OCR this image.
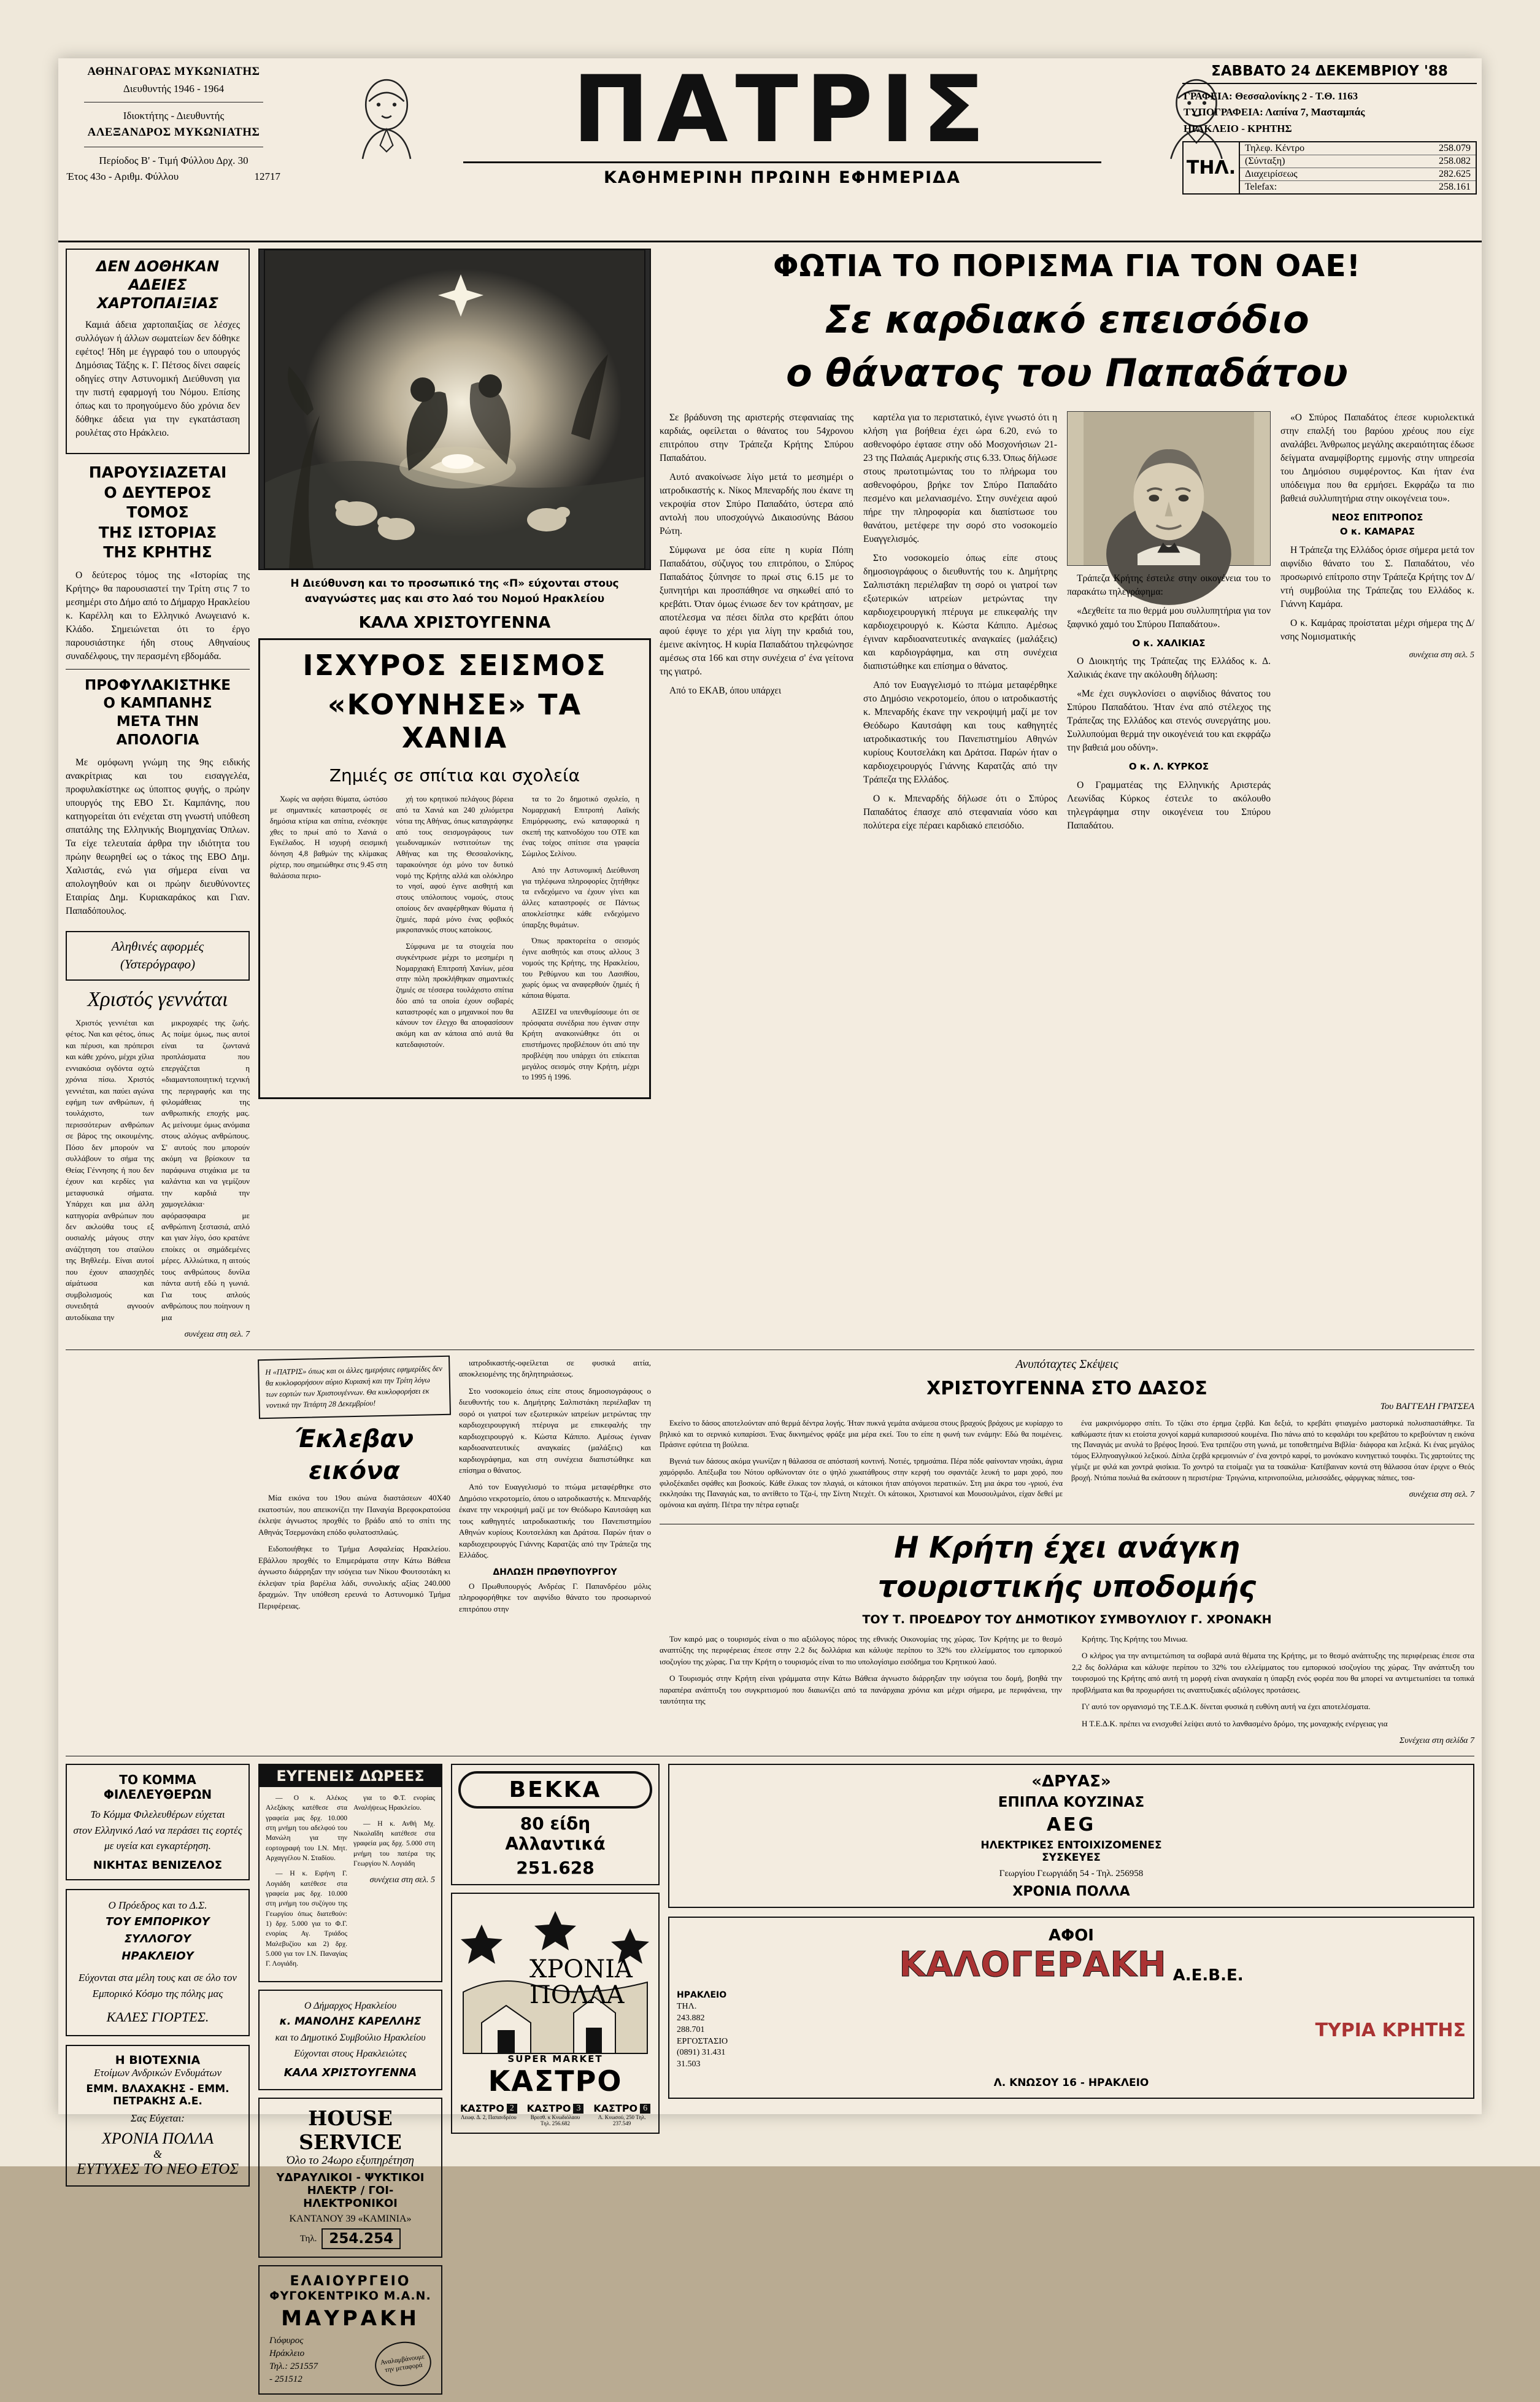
ΑΘΗΝΑΓΟΡΑΣ ΜΥΚΩΝΙΑΤΗΣ
Διευθυντής 1946 - 1964
Ιδιοκτήτης - Διευθυντής
ΑΛΕΞΑΝΔΡΟΣ ΜΥΚΩΝΙΑΤΗΣ
Περίοδος Β' - Τιμή Φύλλου Δρχ. 30
Έτος 43ο - Αριθμ. Φύλλου	12717
ΠΑΤΡΙΣ
ΚΑΘΗΜΕΡΙΝΗ ΠΡΩΙΝΗ ΕΦΗΜΕΡΙΔΑ
ΣΑΒΒΑΤΟ 24 ΔΕΚΕΜΒΡΙΟΥ '88
ΓΡΑΦΕΙΑ: Θεσσαλονίκης 2 - Τ.Θ. 1163
ΤΥΠΟΓΡΑΦΕΙΑ: Λαπίνα 7, Μασταμπάς
ΗΡΑΚΛΕΙΟ - ΚΡΗΤΗΣ
ΤΗΛ.
Τηλεφ. Κέντρο	258.079
(Σύνταξη)	258.082
Διαχειρίσεως	282.625
Telefax:	258.161
ΔΕΝ ΔΟΘΗΚΑΝ
ΑΔΕΙΕΣ
ΧΑΡΤΟΠΑΙΞΙΑΣ

Καμιά άδεια χαρτοπαιξίας σε λέσχες συλλόγων ή άλλων σωματείων δεν δόθηκε εφέτος! Ήδη με έγγραφό του ο υπουργός Δημόσιας Τάξης κ. Γ. Πέτσος δίνει σαφείς οδηγίες στην Αστυνομική Διεύθυνση για την πιστή εφαρμογή του Νόμου. Επίσης όπως και το προηγούμενο δύο χρόνια δεν δόθηκε άδεια για την εγκατάσταση ρουλέτας στο Ηράκλειο.

ΠΑΡΟΥΣΙΑΖΕΤΑΙ
Ο ΔΕΥΤΕΡΟΣ
ΤΟΜΟΣ
ΤΗΣ ΙΣΤΟΡΙΑΣ
ΤΗΣ ΚΡΗΤΗΣ

Ο δεύτερος τόμος της «Ιστορίας της Κρήτης» θα παρουσιαστεί την Τρίτη στις 7 το μεσημέρι στο Δήμο από το Δήμαρχο Ηρακλείου κ. Καρέλλη και το Ελληνικό Ανωγειανό κ. Κλάδο. Σημειώνεται ότι το έργο παρουσιάστηκε ήδη στους Αθηναίους συναδέλφους, την περασμένη εβδομάδα.

ΠΡΟΦΥΛΑΚΙΣΤΗΚΕ
Ο ΚΑΜΠΑΝΗΣ
ΜΕΤΑ ΤΗΝ
ΑΠΟΛΟΓΙΑ

Με ομόφωνη γνώμη της 9ης ειδικής ανακρίτριας και του εισαγγελέα, προφυλακίστηκε ως ύποπτος φυγής, ο πρώην υπουργός της ΕΒΟ Στ. Καμπάνης, που κατηγορείται ότι ενέχεται στη γνωστή υπόθεση σπατάλης της Ελληνικής Βιομηχανίας Όπλων. Τα είχε τελευταία άρθρα την ιδιότητα του πρώην θεωρηθεί ως ο τάκος της ΕΒΟ Δημ. Χαλιστάς, ενώ για σήμερα είναι να απολογηθούν και οι πρώην διευθύνοντες Εταιρίας Δημ. Κυριακαράκος και Γιαν. Παπαδόπουλος.

Αληθινές αφορμές
(Υστερόγραφο)
Χριστός γεννάται

Χριστός γεννιέται και φέτος. Ναι και φέτος, όπως και πέρυσι, και πρόπερσι και κάθε χρόνο, μέχρι χίλια εννιακόσια ογδόντα οχτώ χρόνια πίσω. Χριστός γεννιέται, και παύει αγώνα εφήμη των ανθρώπων, ή τουλάχιστο, των περισσότερων ανθρώπων σε βάρος της οικουμένης. Πόσο δεν μπορούν να συλλάβουν το σήμα της Θείας Γέννησης ή που δεν έχουν και κερδίες για μεταφυσικά σήματα. Υπάρχει και μια άλλη κατηγορία ανθρώπων που δεν ακλούθα τους εξ ουσιαλής μάγους στην ανάζητηση του σταύλου της Βηθλεέμ. Είναι αυτοί που έχουν απασχηδές αίμάτωσα και συμβολισμούς και συνειδητά αγνοούν αυτοδίκαια την

μικροχαρές της ζωής. Ας ποίμε όμως, πως αυτοί είναι τα ζωντανά προπλάσματα που επεργάζεται η «διαμαντοποιητική τεχνική της περιγραφής και της φιλομάθειας της ανθρωπικής εποχής μας. Ας μείνουμε όμως ανόμαια στους αλόγως ανθρώπους. Σ' αυτούς που μπορούν ακόμη να βρίσκουν τα παράφωνα στιχάκια με τα καλάντια και να γεμίζουν την καρδιά την χαμογελάκια· αφόρασφαιρα με ανθρώπινη ξεστασιά, απλό και γιαν λίγο, όσο κρατάνε εποίκες οι σημάδεμένες μέρες. Αλλιώτικα, η αιτούς τους ανθρώπους δυνίλα πάντα αυτή εδώ η γωνιά. Για τους απλούς ανθρώπους που ποίηνουν η μια

συνέχεια στη σελ. 7
Η Διεύθυνση και το προσωπικό της «Π» εύχονται στους αναγνώστες μας και στο λαό του Νομού Ηρακλείου
ΚΑΛΑ ΧΡΙΣΤΟΥΓΕΝΝΑ
ΙΣΧΥΡΟΣ ΣΕΙΣΜΟΣ
«ΚΟΥΝΗΣΕ» ΤΑ ΧΑΝΙΑ
Ζημιές σε σπίτια και σχολεία

Χωρίς να αφήσει θύματα, ώστόσο με σημαντικές καταστροφές σε δημόσια κτίρια και σπίτια, ενέσκηψε χθες το πρωί από το Χανιά ο Εγκέλαδος. Η ισχυρή σεισμική δόνηση 4,8 βαθμών της κλίμακας ρίχτερ, που σημειώθηκε στις 9.45 στη θαλάσσια περιο-

χή του κρητικού πελάγους βόρεια από τα Χανιά και 240 χιλιόμετρα νότια της Αθήνας, όπως καταγράφηκε από τους σεισμογράφους των γεωδυναμικών ινστιτούτων της Αθήνας και της Θεσσαλονίκης, ταρακούνησε όχι μόνο τον δυτικό νομό της Κρήτης αλλά και ολόκληρο το νησί, αφού έγινε αισθητή και στους υπόλοιπους νομούς, στους οποίους δεν αναφέρθηκαν θύματα ή ζημιές, παρά μόνο ένας φοβικός μικροπανικός στους κατοίκους.

Σύμφωνα με τα στοιχεία που συγκέντρωσε μέχρι το μεσημέρι η Νομαρχιακή Επιτροπή Χανίων, μέσα στην πόλη προκλήθηκαν σημαντικές ζημιές σε τέσσερα τουλάχιστο σπίτια δύο από τα οποία έχουν σοβαρές καταστροφές και ο μηχανικοί που θα κάνουν τον έλεγχο θα αποφασίσουν ακόμη και αν κάποια από αυτά θα κατεδαφιστούν.

τα το 2ο δημοτικό σχολείο, η Νομαρχιακή Επιτροπή Λαϊκής Επιμόρφωσης, ενώ καταφορικά η σκεπή της καπνοδόχου του ΟΤΕ και ένας τοίχος σπίτισε στα γραφεία Σώμιλος Σελίνου.

Από την Αστυνομική Διεύθυνση για τηλέφωνα πληροφορίες ζητήθηκε τα ενδεχόμενο να έχουν γίνει και άλλες καταστροφές σε Πάντως αποκλείστηκε κάθε ενδεχόμενο ύπαρξης θυμάτων.

Όπως πρακτορείτα ο σεισμός έγινε αισθητός και στους αλλους 3 νομούς της Κρήτης, της Ηρακλείου, του Ρεθύμνου και του Λασιθίου, χωρίς όμως να αναφερθούν ζημιές ή κάποια θύματα.

ΑΞΙΖΕΙ να υπενθυμίσουμε ότι σε πρόσφατα συνέδρια που έγιναν στην Κρήτη ανακοινώθηκε ότι οι επιστήμονες προβλέπουν ότι από την προβλέψη που υπάρχει ότι επίκειται μεγάλος σεισμός στην Κρήτη, μέχρι το 1995 ή 1996.

ΦΩΤΙΑ ΤΟ ΠΟΡΙΣΜΑ ΓΙΑ ΤΟΝ ΟΑΕ!
Σε καρδιακό επεισόδιο
ο θάνατος του Παπαδάτου

Σε βράδυνση της αριστερής στεφανιαίας της καρδιάς, οφείλεται ο θάνατος του 54χρονου επιτρόπου στην Τράπεζα Κρήτης Σπύρου Παπαδάτου.

Αυτό ανακοίνωσε λίγο μετά το μεσημέρι ο ιατροδικαστής κ. Νίκος Μπεναρδής που έκανε τη νεκροψία στον Σπύρο Παπαδάτο, ύστερα από αντολή που υποσχούγνώ Δικαιοσύνης Βάσου Ρώτη.

Σύμφωνα με όσα είπε η κυρία Πόπη Παπαδάτου, σύζυγος του επιτρόπου, ο Σπύρος Παπαδάτος ξύπνησε το πρωί στις 6.15 με το ξυπνητήρι και προσπάθησε να σηκωθεί από το κρεβάτι. Όταν όμως ένιωσε δεν τον κράτησαν, με αποτέλεσμα να πέσει δίπλα στο κρεβάτι όπου αφού έφυγε το χέρι για λίγη την κραδιά του, έμεινε ακίνητος. Η κυρία Παπαδάτου τηλεφώνησε αμέσως στα 166 και στην συνέχεια σ' ένα γείτονα της γιατρό.

Από το ΕΚΑΒ, όπου υπάρχει

καρτέλα για το περιστατικό, έγινε γνωστό ότι η κλήση για βοήθεια έχει ώρα 6.20, ενώ το ασθενοφόρο έφτασε στην οδό Μοσχονήσιων 21-23 της Παλαιάς Αμερικής στις 6.33. Όπως δήλωσε στους πρωτοτιμώντας του το πλήρωμα του ασθενοφόρου, βρήκε τον Σπύρο Παπαδάτο πεσμένο και μελανιασμένο. Στην συνέχεια αφού πήρε την πληροφορία και διαπίστωσε του θανάτου, μετέφερε την σορό στο νοσοκομείο Ευαγγελισμός.

Στο νοσοκομείο όπως είπε στους δημοσιογράφους ο διευθυντής του κ. Δημήτρης Σαλπιστάκη περιέλαβαν τη σορό οι γιατροί των εξωτερικών ιατρείων μετρώντας την καρδιοχειρουργική πτέρυγα με επικεφαλής την καρδιοχειρουργό κ. Κώστα Κάπιπο. Αμέσως έγιναν καρδιοανατευτικές αναγκαίες (μαλάξεις) και καρδιογράφημα, και στη συνέχεια διαπιστώθηκε και επίσημα ο θάνατος.

Από τον Ευαγγελισμό το πτώμα μεταφέρθηκε στο Δημόσιο νεκροτομείο, όπου ο ιατροδικαστής κ. Μπεναρδής έκανε την νεκροψιμή μαζί με τον Θεόδωρο Καυτσάφη και τους καθηγητές ιατροδικαστικής του Πανεπιστημίου Αθηνών κυρίους Κουτσελάκη και Δράτσα. Παρών ήταν ο καρδιοχειρουργός Γιάννης Καρατζάς από την Τράπεζα της Ελλάδος.

Ο κ. Μπεναρδής δήλωσε ότι ο Σπύρος Παπαδάτος έπασχε από στεφανιαία νόσο και πολύτερα είχε πέραει καρδιακό επεισόδιο.

Τράπεζα Κρήτης έστειλε στην οικογένεια του το παρακάτω τηλεγράφημα:

«Δεχθείτε τα πιο θερμά μου συλλυπητήρια για τον ξαφνικό χαμό του Σπύρου Παπαδάτου».

Ο κ. ΧΑΛΙΚΙΑΣ

Ο Διοικητής της Τράπεζας της Ελλάδος κ. Δ. Χαλικιάς έκανε την ακόλουθη δήλωση:

«Με έχει συγκλονίσει ο αιφνίδιος θάνατος του Σπύρου Παπαδάτου. Ήταν ένα από στέλεχος της Τράπεζας της Ελλάδος και στενός συνεργάτης μου. Συλλυπούμαι θερμά την οικογένειά του και εκφράζω την βαθειά μου οδύνη».

Ο κ. Λ. ΚΥΡΚΟΣ

Ο Γραμματέας της Ελληνικής Αριστεράς Λεωνίδας Κύρκος έστειλε το ακόλουθο τηλεγράφημα στην οικογένεια του Σπύρου Παπαδάτου.

«Ο Σπύρος Παπαδάτος έπεσε κυριολεκτικά στην επαλξή του βαρύου χρέους που είχε αναλάβει. Άνθρωπος μεγάλης ακεραιότητας έδωσε δείγματα αναμφίβορτης εμμονής στην υπηρεσία του Δημόσιου συμφέροντος. Και ήταν ένα υπόδειγμα που θα ερμήσει. Εκφράζω τα πιο βαθειά συλλυπητήρια στην οικογένεια του».

ΝΕΟΣ ΕΠΙΤΡΟΠΟΣ
Ο κ. ΚΑΜΑΡΑΣ

Η Τράπεζα της Ελλάδος όρισε σήμερα μετά τον αιφνίδιο θάνατο του Σ. Παπαδάτου, νέο προσωρινό επίτροπο στην Τράπεζα Κρήτης τον Δ/ντή συμβούλια της Τράπεζας του Ελλάδος κ. Γιάννη Καμάρα.

Ο κ. Καμάρας προίσταται μέχρι σήμερα της Δ/νσης Νομισματικής

συνέχεια στη σελ. 5
Η «ΠΑΤΡΙΣ» όπως και οι άλλες ημερήσιες εφημερίδες δεν θα κυκλοφορήσουν αύριο Κυριακή και την Τρίτη λόγω των εορτών των Χριστουγέννων. Θα κυκλοφορήσει εκ νοντικά την Τετάρτη 28 Δεκεμβρίου!
Έκλεβαν
εικόνα

Μία εικόνα του 19ου αιώνα διαστάσεων 40Χ40 εκατοστών, που απεικονίζει την Παναγία Βρεφοκρατούσα έκλεψε άγνωστος προχθές το βράδυ από το σπίτι της Αθηνάς Τσερμονάκη επόδο φυλατοσπλαώς.

Ειδοποιήθηκε το Τμήμα Ασφαλείας Ηρακλείου. Εβάλλου προχθές το Επιμεράματα στην Κάτω Βάθεια άγνωστο διάρρηξαν την ισόγεια των Νίκου Φουτσοτάκη κι έκλεψαν τρία βαρέλια λάδι, συνολικής αξίας 240.000 δραχμών. Την υπόθεση ερευνά το Αστυνομικό Τμήμα Περιφέρειας.

ιατροδικαστής-οφείλεται σε φυσικά αιτία, αποκλειομένης της δηλητηριάσεως.

Στο νοσοκομείο όπως είπε στους δημοσιογράφους ο διευθυντής του κ. Δημήτρης Σαλπιστάκη περιέλαβαν τη σορό οι γιατροί των εξωτερικών ιατρείων μετρώντας την καρδιοχειρουργική πτέρυγα με επικεφαλής την καρδιοχειρουργό κ. Κώστα Κάπιπο. Αμέσως έγιναν καρδιοανατευτικές αναγκαίες (μαλάξεις) και καρδιογράφημα, και στη συνέχεια διαπιστώθηκε και επίσημα ο θάνατος.

Από τον Ευαγγελισμό το πτώμα μεταφέρθηκε στο Δημόσιο νεκροτομείο, όπου ο ιατροδικαστής κ. Μπεναρδής έκανε την νεκροψιμή μαζί με τον Θεόδωρο Καυτσάφη και τους καθηγητές ιατροδικαστικής του Πανεπιστημίου Αθηνών κυρίους Κουτσελάκη και Δράτσα. Παρών ήταν ο καρδιοχειρουργός Γιάννης Καρατζάς από την Τράπεζα της Ελλάδος.

ΔΗΛΩΣΗ ΠΡΩΘΥΠΟΥΡΓΟΥ

Ο Πρωθυπουργός Ανδρέας Γ. Παπανδρέου μόλις πληροφορήθηκε τον αιφνίδιο θάνατο του προσωρινού επιτρόπου στην

Ανυπόταχτες Σκέψεις
ΧΡΙΣΤΟΥΓΕΝΝΑ ΣΤΟ ΔΑΣΟΣ
Του ΒΑΓΓΕΛΗ ΓΡΑΤΣΕΑ

Εκείνο το δάσος αποτελούνταν από θερμά δέντρα λογής. Ήταν πυκνά γεμάτα ανάμεσα στους βραχούς βράχους με κυρίαρχο το βηλικό και το σερνικό κυπαρίσσι. Ένας δικνημένος φράξε μια μέρα εκεί. Του το είπε η φωνή των ενάμην: Εδώ θα ποιμένεις. Πράσινε εφύτεια τη βούλεια.

Βγενιά των δάσους ακόμα γνωνίζαν η θάλασσα σε απόστασή κοντινή. Νοτιές, τρημσάπια. Πέρα πόδε φαίνονταν νησάκι, άγρια χαμόρφιδο. Απέξωβα του Νότου ορθώνονταν ότε ο ψηλό χιωατάθρους στην κερφή του σφαντάζε λευκή το μαρι χορό, που φιλοξέκαιδει σφάθες και βοσκούς. Κάθε έλικας τον πλαγιά, οι κάτοικοι ήταν απόγονοι περατικών. Στη μια άκρα του -γριού, ένα εκκλησάκι της Παναγιάς και, το αντίθετο το Τζα-ί, την Σίντη Ντεχέτ. Οι κάτοικοι, Χριστιανοί και Μουσουλμάνοι, είχαν δεθεί με ομόνοια και αγάπη. Πέτρα την πέτρα εφτιαξε

ένα μακρινόμορφο σπίτι. Το τζάκι στο έρημα ζερβά. Και δεξιά, το κρεβάτι φτιαγμένο μαστορικά πολυσπαστάθηκε. Τα καθώμαστε ήταν κι ετοίστα χονγοί καρμά κυπαρισσού κουμένα. Πιο πάνω από το κεφαλάρι του κρεβάτου το κρεβούνταν η εικόνα της Παναγιάς με ανυλά το βρέφος Ιησού. Ένα τριπέζου στη γωνιά, με τοποθετημένα Βιβλία· διάφορα και λεξικά. Κι ένας μεγάλος τόμος Ελληνοαγγλικού λεξικού. Δίπλα ζερβά κρεμοινιών σ' ένα χοντρό καρφί, το μονόκανο κυνηγετικό τουφέκι. Τις χαρτούτες της γέμιζε με φιλά και χοντρά φισίκια. Το χοντρό τα ετοίμαζε για τα τσακάλια· Κατέβαιναν κοντά στη θάλασσα όταν έριχνε ο Θεός βροχή. Ντόπια πουλιά θα εκάτσουν η περιστέρια· Τριγώνια, κιτρινοπούλια, μελισσάδες, φάρμγκας πάπιες, τσα-

συνέχεια στη σελ. 7
Η Κρήτη έχει ανάγκη
τουριστικής υποδομής
ΤΟΥ Τ. ΠΡΟΕΔΡΟΥ ΤΟΥ ΔΗΜΟΤΙΚΟΥ ΣΥΜΒΟΥΛΙΟΥ Γ. ΧΡΟΝΑΚΗ

Τον καιρό μας ο τουρισμός είναι ο πιο αξιόλογος πόρος της εθνικής Οικονομίας της χώρας. Τον Κρήτης με το θεσμό αναπτύξης της περιφέρειας έπεσε στην 2.2 δις δολλάρια και κάλυψε περίπου το 32% του ελλείμματος του εμπορικού ισοζυγίου της χώρας. Για την Κρήτη ο τουρισμός είναι το πιο υπολογίσιμο εισόδημα του Κρητικού λαού.

Ο Τουρισμός στην Κρήτη είναι γράμματα στην Κάτω Βάθεια άγνωστο διάρρηξαν την ισόγεια του δομή, βοηθά την παραπέρα ανάπτυξη του συγκριτισμού που διαιωνίζει από τα πανάρχαια χρόνια και μέχρι σήμερα, με περιφάνεια, την ταυτότητα της

Κρήτης. Της Κρήτης του Μινωα.

Ο κλήρος για την αντιμετώπιση τα σοβαρά αυτά θέματα της Κρήτης, με το θεσμό ανάπτυξης της περιφέρειας έπεσε στα 2,2 δις δολλάρια και κάλυψε περίπου το 32% του ελλείμματος του εμπορικού ισοζυγίου της χώρας. Την ανάπτυξη του τουρισμού της Κρήτης από αυτή τη μορφή είναι αναγκαία η ύπαρξη ενός φορέα που θα μπορεί να αντιμετωπίσει τα τοπικά προβλήματα και θα προχωρήσει τις αναπτυξιακές αξιόλογες προτάσεις.

Γι' αυτό τον οργανισμό της Τ.Ε.Δ.Κ. δίνεται φυσικά η ευθύνη αυτή να έχει αποτελέσματα.

Η Τ.Ε.Δ.Κ. πρέπει να ενισχυθεί λείψει αυτό το λανθασμένο δρόμο, της μοναχικής ενέργειας για

Συνέχεια στη σελίδα 7
ΤΟ ΚΟΜΜΑ ΦΙΛΕΛΕΥΘΕΡΩΝ
Το Κόμμα Φιλελευθέρων εύχεται
στον Ελληνικό Λαό να περάσει τις εορτές
με υγεία και εγκαρτέρηση.
ΝΙΚΗΤΑΣ ΒΕΝΙΖΕΛΟΣ
Ο Πρόεδρος και το Δ.Σ.
ΤΟΥ ΕΜΠΟΡΙΚΟΥ ΣΥΛΛΟΓΟΥ
ΗΡΑΚΛΕΙΟΥ
Εύχονται στα μέλη τους και σε όλο τον
Εμπορικό Κόσμο της πόλης μας
ΚΑΛΕΣ ΓΙΟΡΤΕΣ.
Η ΒΙΟΤΕΧΝΙΑ
Ετοίμων Ανδρικών Ενδυμάτων
ΕΜΜ. ΒΛΑΧΑΚΗΣ - ΕΜΜ. ΠΕΤΡΑΚΗΣ Α.Ε.
Σας Εύχεται:
ΧΡΟΝΙΑ ΠΟΛΛΑ
&
ΕΥΤΥΧΕΣ ΤΟ ΝΕΟ ΕΤΟΣ
ΕΥΓΕΝΕΙΣ ΔΩΡΕΕΣ

— Ο κ. Αλέκος Αλεξάκης κατέθεσε στα γραφεία μας δρχ. 10.000 στη μνήμη του αδελφού του Μανώλη για την εορτογραφή του Ι.Ν. Μητ. Αρχαγγέλου Ν. Σταδίου.

— Η κ. Ειρήνη Γ. Λογιάδη κατέθεσε στα γραφεία μας δρχ. 10.000 στη μνήμη του συζύγου της Γεωργίου όπως διατεθούν: 1) δρχ. 5.000 για το Φ.Γ. ενορίας Αγ. Τριάδος Μαλεβυζίου και 2) δρχ. 5.000 για τον Ι.Ν. Παναγίας Γ. Λογιάδη.

για το Φ.Τ. ενορίας Αναλήψεως Ηρακλείου.

— Η κ. Ανθή Μχ. Νικολαΐδη κατέθεσε στα γραφεία μας δρχ. 5.000 στη μνήμη του πατέρα της Γεωργίου Ν. Λογιάδη

συνέχεια στη σελ. 5
Ο Δήμαρχος Ηρακλείου
κ. ΜΑΝΟΛΗΣ ΚΑΡΕΛΛΗΣ
και το Δημοτικό Συμβούλιο Ηρακλείου
Εύχονται στους Ηρακλειώτες
ΚΑΛΑ ΧΡΙΣΤΟΥΓΕΝΝΑ
HOUSE SERVICE
Όλο το 24ωρο εξυπηρέτηση
ΥΔΡΑΥΛΙΚΟΙ - ΨΥΚΤΙΚΟΙ
ΗΛΕΚΤΡ / ΓΟΙ-ΗΛΕΚΤΡΟΝΙΚΟΙ
ΚΑΝΤΑΝΟΥ 39 «ΚΑΜΙΝΙΑ»
Τηλ. 254.254
ΕΛΑΙΟΥΡΓΕΙΟ
ΦΥΓΟΚΕΝΤΡΙΚΟ Μ.Α.Ν.
ΜΑΥΡΑΚΗ
Γιόφυρος
Ηράκλειο
Τηλ.: 251557
- 251512
Αναλαμβάνουμε την μεταφορά
ΒΕΚΚΑ
80 είδη
Αλλαντικά
251.628
ΧΡΟΝΙΑ
ΠΟΛΛΑ
SUPER MARKET
ΚΑΣΤΡΟ
ΚΑΣΤΡΟ 2
Λεωφ. Δ. 2, Παπανδρέου
ΚΑΣΤΡΟ 3
Βρεσθ. κ Κνωδιόλαου
Τηλ. 256.682
ΚΑΣΤΡΟ 6
Λ. Κνωσού, 250 Τηλ. 237.549
«ΔΡΥΑΣ»
ΕΠΙΠΛΑ ΚΟΥΖΙΝΑΣ
AEG
ΗΛΕΚΤΡΙΚΕΣ ΕΝΤΟΙΧΙΖΟΜΕΝΕΣ
ΣΥΣΚΕΥΕΣ
Γεωργίου Γεωργιάδη 54 - Τηλ. 256958
ΧΡΟΝΙΑ ΠΟΛΛΑ
ΑΦΟΙ
ΚΑΛΟΓΕΡΑΚΗ Α.Ε.Β.Ε.
ΗΡΑΚΛΕΙΟ
ΤΗΛ.
243.882
288.701
ΕΡΓΟΣΤΑΣΙΟ
(0891) 31.431
31.503
ΤΥΡΙΑ ΚΡΗΤΗΣ
Λ. ΚΝΩΣΟΥ 16 - ΗΡΑΚΛΕΙΟ
